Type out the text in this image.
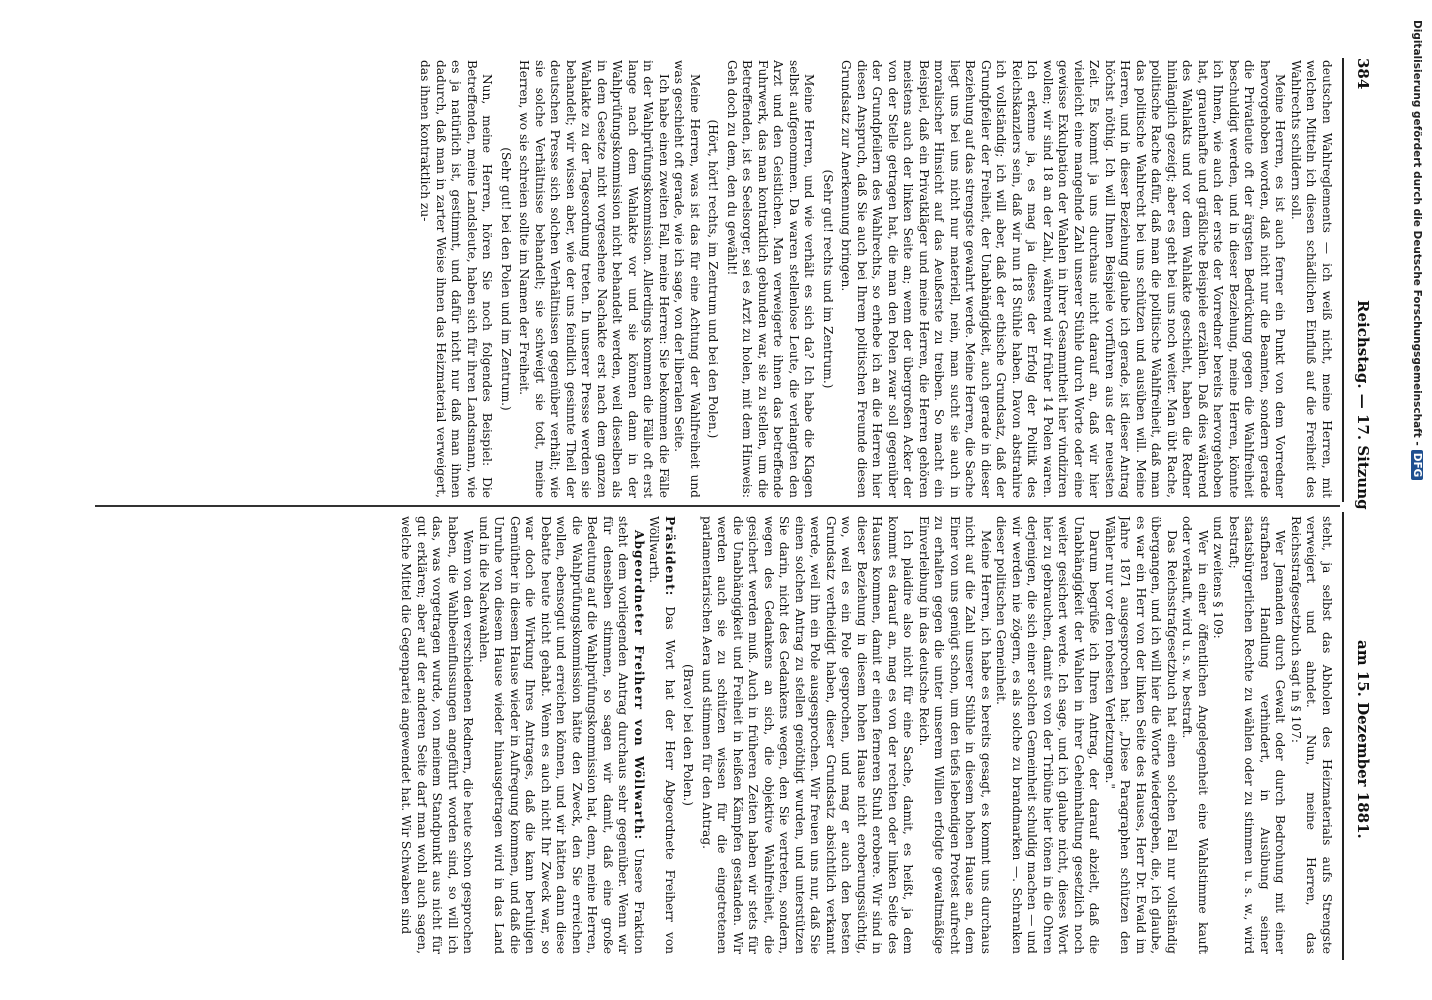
384
Reichstag. — 17. Sitzung
am 15. Dezember 1881.

deutschen Wahlreglements — ich weiß nicht, meine Herren, mit welchen Mitteln ich diesen schädlichen Einfluß auf die Freiheit des Wahlrechts schildern soll.

Meine Herren, es ist auch ferner ein Punkt von dem Vorredner hervorgehoben worden, daß nicht nur die Beamten, sondern gerade die Privatleute oft der ärgsten Bedrückung gegen die Wahlfreiheit beschuldigt werden, und in dieser Beziehung, meine Herren, könnte ich Ihnen, wie auch der erste der Vorredner bereits hervorgehoben hat, grauenhafte und gräßliche Beispiele erzählen. Daß dies während des Wahlakts und vor dem Wahlakte geschieht, haben die Redner hinlänglich gezeigt; aber es geht bei uns noch weiter. Man übt Rache, politische Rache dafür, daß man die politische Wahlfreiheit, daß man das politische Wahlrecht bei uns schützen und ausüben will. Meine Herren, und in dieser Beziehung glaube ich gerade, ist dieser Antrag höchst nöthig. Ich will Ihnen Beispiele vorführen aus der neuesten Zeit. Es kommt ja uns durchaus nicht darauf an, daß wir hier vielleicht eine mangelnde Zahl unserer Stühle durch Worte oder eine gewisse Exkulpation der Wahlen in ihrer Gesammtheit hier vindiziren wollen; wir sind 18 an der Zahl, während wir früher 14 Polen waren. Ich erkenne ja, es mag ja dieses der Erfolg der Politik des Reichskanzlers sein, daß wir nun 18 Stühle haben. Davon abstrahire ich vollständig; ich will aber, daß der ethische Grundsatz, daß der Grundpfeiler der Freiheit, der Unabhängigkeit, auch gerade in dieser Beziehung auf das strengste gewahrt werde. Meine Herren, die Sache liegt uns bei uns nicht nur materiell, nein, man sucht sie auch in moralischer Hinsicht auf das Aeußerste zu treiben. So macht ein Beispiel, daß ein Privatkläger und meine Herren, die Herren gehören meistens auch der linken Seite an; wenn der übergroßen Acker der von der Stelle getragen hat, die man den Polen zwar soll gegenüber der Grundpfeilern des Wahlrechts, so erhebe ich an die Herren hier diesen Anspruch, daß Sie auch bei Ihrem politischen Freunde diesen Grundsatz zur Anerkennung bringen.

(Sehr gut! rechts und im Zentrum.)

Meine Herren, und wie verhält es sich da? Ich habe die Klagen selbst aufgenommen. Da waren stellenlose Leute, die verlangten den Arzt und den Geistlichen. Man verweigerte ihnen das betreffende Fuhrwerk, das man kontraktlich gebunden war, sie zu stellen, um die Betreffenden, ist es Seelsorger, sei es Arzt zu holen, mit dem Hinweis: Geh doch zu dem, den du gewählt!

(Hört, hört! rechts, im Zentrum und bei den Polen.)

Meine Herren, was ist das für eine Achtung der Wahlfreiheit und was geschieht oft gerade, wie ich sage, von der liberalen Seite.

Ich habe einen zweiten Fall, meine Herren: Sie bekommen die Fälle in der Wahlprüfungskommission. Allerdings kommen die Fälle oft erst lange nach dem Wahlakte vor und sie können dann in der Wahlprüfungskommission nicht behandelt werden, weil dieselben als in dem Gesetze nicht vorgesehene Nachakte erst nach dem ganzen Wahlakte zu der Tagesordnung treten. In unserer Presse werden sie behandelt; wir wissen aber, wie der uns feindlich gesinnte Theil der deutschen Presse sich solchen Verhältnissen gegenüber verhält; wie sie solche Verhältnisse behandelt; sie schweigt sie todt, meine Herren, wo sie schreien sollte im Namen der Freiheit.

(Sehr gut! bei den Polen und im Zentrum.)

Nun, meine Herren, hören Sie noch folgendes Beispiel: Die Betreffenden, meine Landsleute, haben sich für ihren Landsmann, wie es ja natürlich ist, gestimmt, und dafür nicht nur daß man ihnen dadurch, daß man in zarter Weise ihnen das Heizmaterial verweigert, das ihnen kontraktlich zu-

steht, ja selbst das Abholen des Heizmaterials aufs Strengste verweigert und ahndet. Nun, meine Herren, das Reichsstrafgesetzbuch sagt in § 107:

Wer Jemanden durch Gewalt oder durch Bedrohung mit einer strafbaren Handlung verhindert, in Ausübung seiner staatsbürgerlichen Rechte zu wählen oder zu stimmen u. s. w., wird bestraft;

und zweitens § 109:

Wer in einer öffentlichen Angelegenheit eine Wahlstimme kauft oder verkauft, wird u. s. w. bestraft.

Das Reichsstrafgesetzbuch hat einen solchen Fall nur vollständig übergangen, und ich will hier die Worte wiedergeben, die, ich glaube, es war ein Herr von der linken Seite des Hauses, Herr Dr. Ewald im Jahre 1871 ausgesprochen hat: „Diese Paragraphen schützen den Wähler nur vor den rohesten Verletzungen."

Darum begrüße ich Ihren Antrag, der darauf abzielt, daß die Unabhängigkeit der Wahlen in ihrer Geheimhaltung gesetzlich noch weiter gesichert werde. Ich sage, und ich glaube nicht, dieses Wort hier zu gebrauchen, damit es von der Tribüne hier tönen in die Ohren derjenigen, die sich einer solchen Gemeinheit schuldig machen — und wir werden nie zögern, es als solche zu brandmarken —. Schranken dieser politischen Gemeinheit.

Meine Herren, ich habe es bereits gesagt, es kommt uns durchaus nicht auf die Zahl unserer Stühle in diesem hohen Hause an, dem Einer von uns genügt schon, um den tiefs lebendigen Protest aufrecht zu erhalten gegen die unter unserem Willen erfolgte gewaltmäßige Einverleibung in das deutsche Reich.

Ich plaidire also nicht für eine Sache, damit, es heißt, ja dem kommt es darauf an, mag es von der rechten oder linken Seite des Hauses kommen, damit er einen ferneren Stuhl erobere. Wir sind in dieser Beziehung in diesem hohen Hause nicht eroberungssüchtig, wo, weil es ein Pole gesprochen, und mag er auch den besten Grundsatz vertheidigt haben, dieser Grundsatz absichtlich verkannt werde, weil ihn ein Pole ausgesprochen. Wir freuen uns nur, daß Sie einen solchen Antrag zu stellen genöthigt wurden, und unterstützen Sie darin, nicht des Gedankens wegen, den Sie vertreten, sondern, wegen des Gedankens an sich, die objektive Wahlfreiheit, die gesichert werden muß. Auch in früheren Zeiten haben wir stets für die Unabhängigkeit und Freiheit in heißen Kämpfen gestanden. Wir werden auch sie zu schützen wissen für die eingetretenen parlamentarischen Aera und stimmen für den Antrag.

(Bravo! bei den Polen.)

Präsident: Das Wort hat der Herr Abgeordnete Freiherr von Wöllwarth.

Abgeordneter Freiherr von Wöllwarth: Unsere Fraktion steht dem vorliegenden Antrag durchaus sehr gegenüber. Wenn wir für denselben stimmen, so sagen wir damit, daß eine große Bedeutung auf die Wahlprüfungskommission hat, denn, meine Herren, die Wahlprüfungskommission hätte den Zweck, den Sie erreichen wollen, ebensogut und erreichen können, und wir hätten dann diese Debatte heute nicht gehabt. Wenn es auch nicht Ihr Zweck war, so war doch die Wirkung Ihres Antrages, daß die kann beruhigen Gemüther in diesem Hause wieder in Aufregung kommen, und daß die Unruhe von diesem Hause wieder hinausgetragen wird in das Land und in die Nachwahlen.

Wenn von den verschiedenen Rednern, die heute schon gesprochen haben, die Wahlbeeinflussungen angeführt worden sind, so will ich das, was vorgetragen wurde, von meinem Standpunkt aus nicht für gut erklären; aber auf der anderen Seite darf man wohl auch sagen, welche Mittel die Gegenpartei angewendet hat. Wir Schwaben sind

Digitalisierung gefördert durch die Deutsche Forschungsgemeinschaft -DFG
